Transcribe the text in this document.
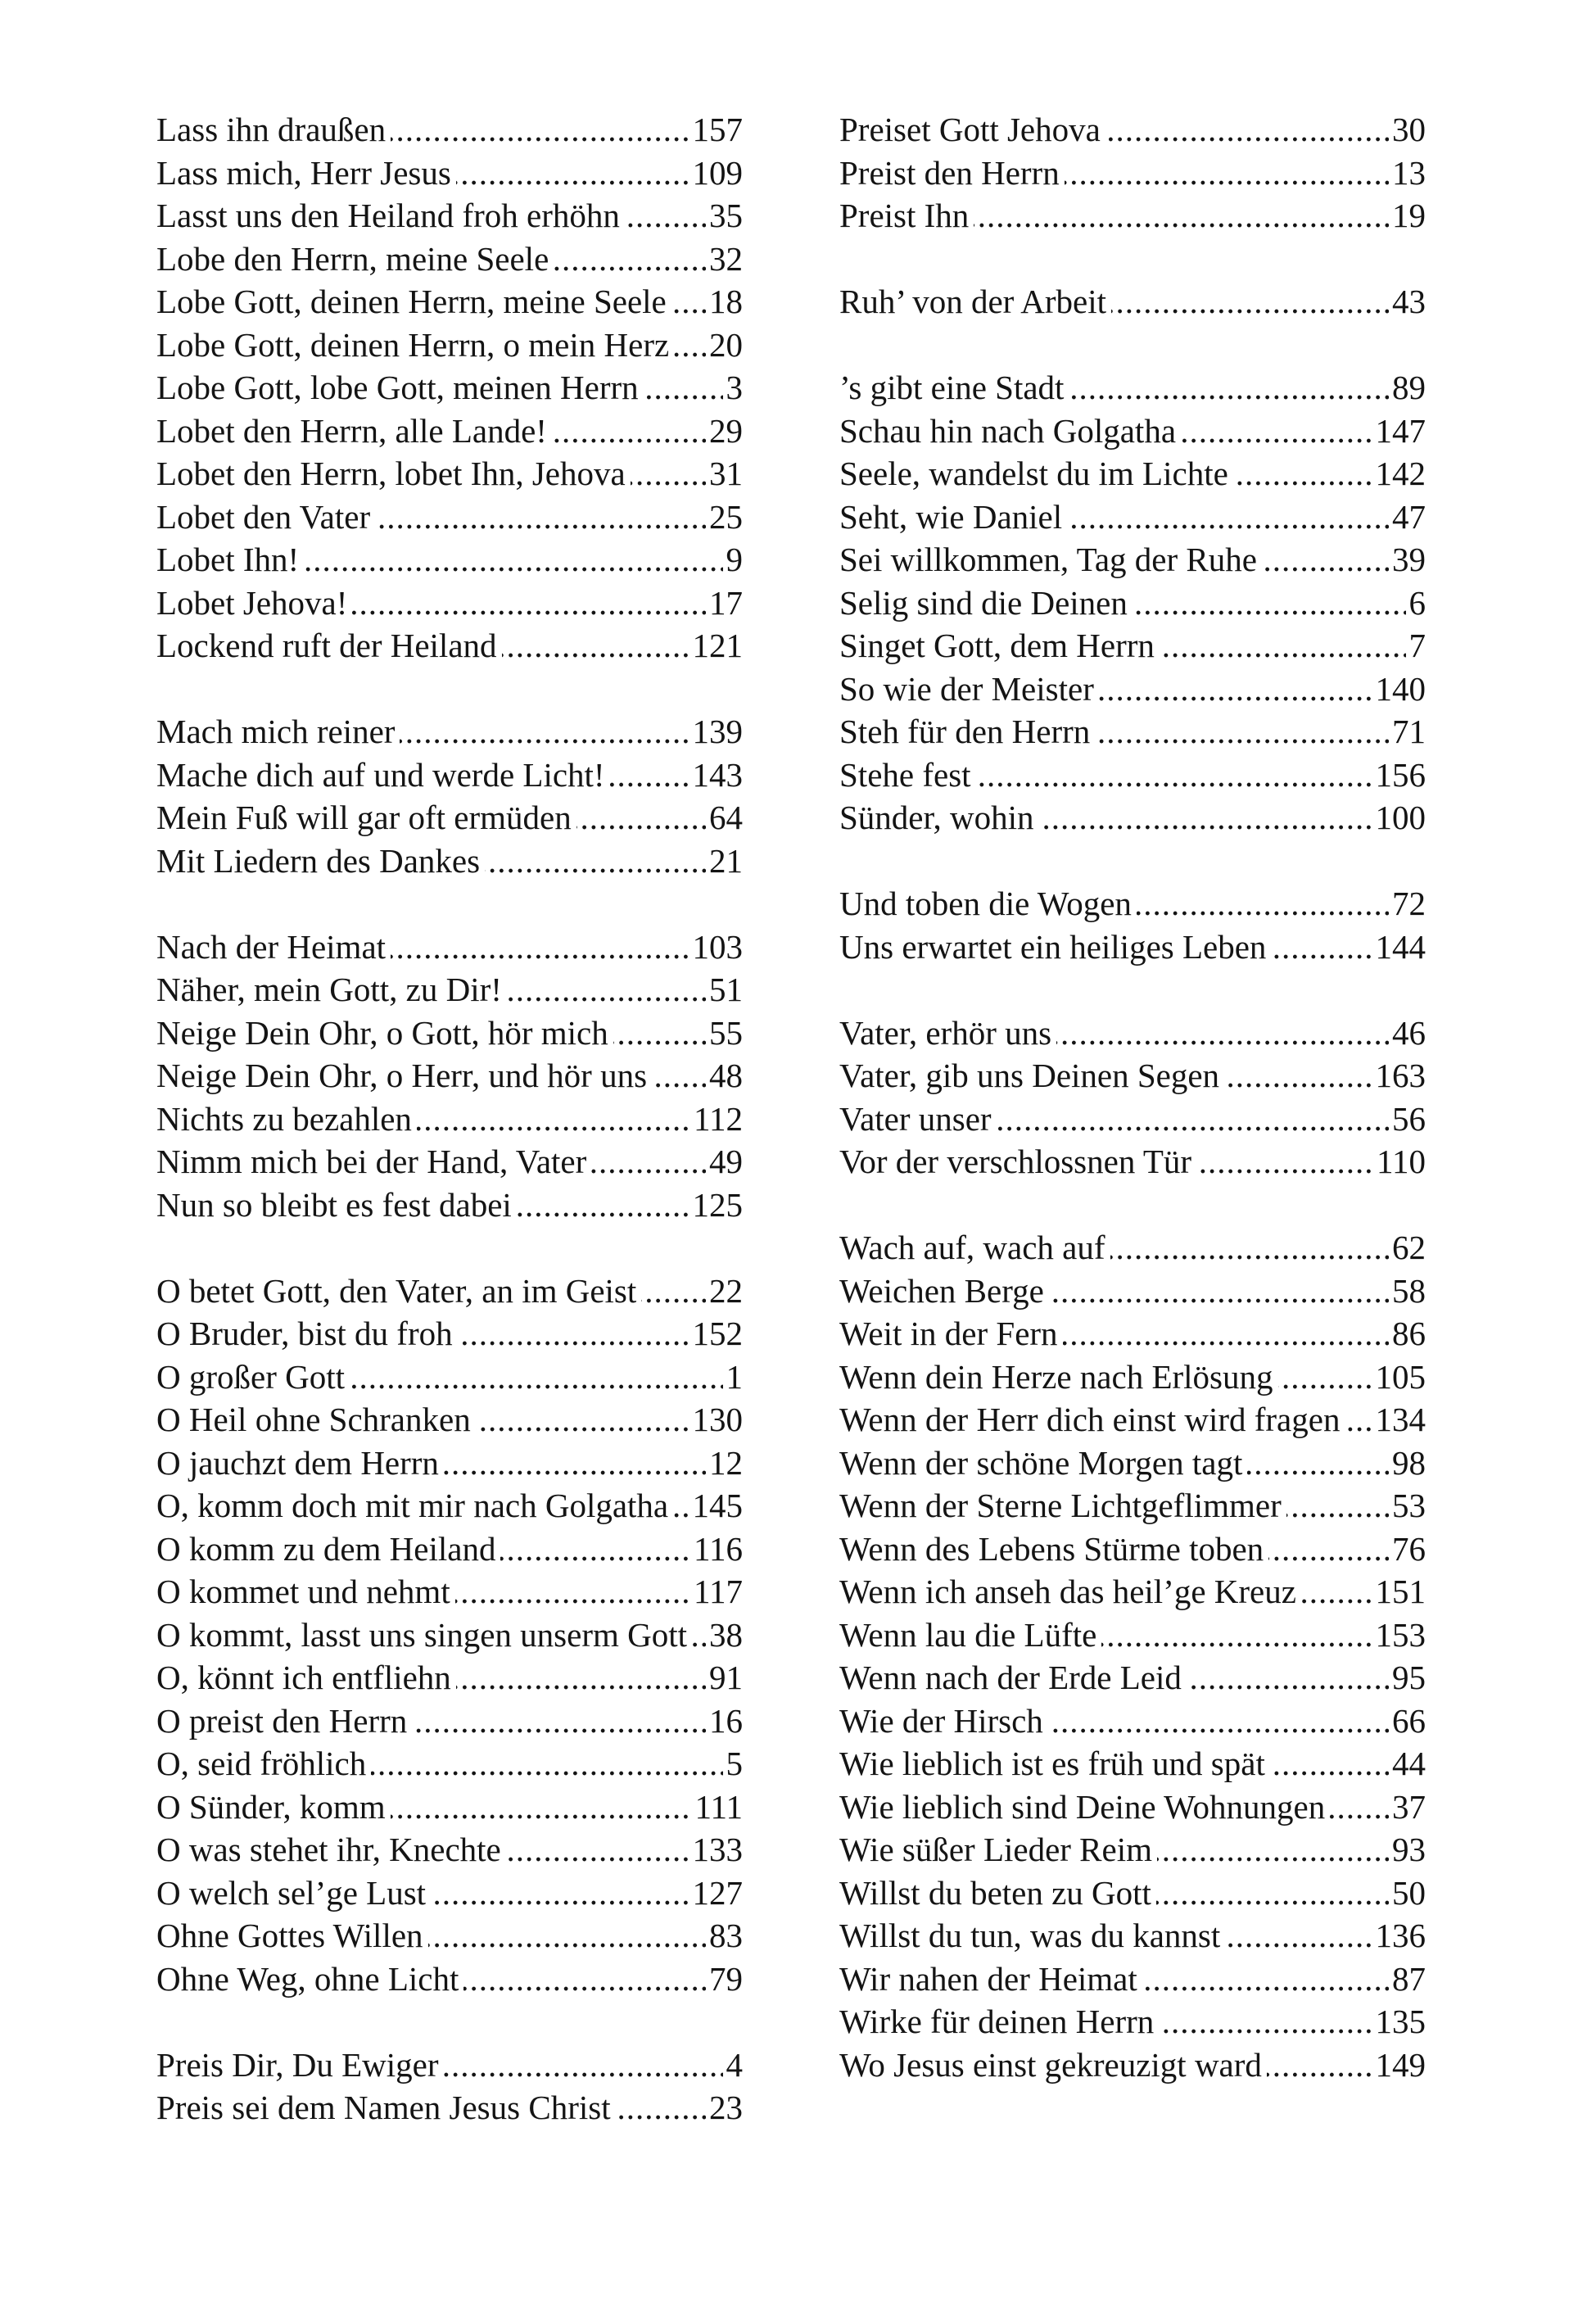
.....
Lass ihn draußen	157
.....
Lass mich, Herr Jesus	109
.....
Lasst uns den Heiland froh erhöhn	35
.....
Lobe den Herrn, meine Seele	32
.....
Lobe Gott, deinen Herrn, meine Seele 18
.....
Lobe Gott, deinen Herrn, o mein Herz 20
.....
Lobe Gott, lobe Gott, meinen Herrn	3
.....
Lobet den Herrn, alle Lande!	29
.....
Lobet den Herrn, lobet Ihn, Jehova 31
.....
Lobet den Vater	25
.....
Lobet Ihn!	9
.....
Lobet Jehova!	17
.....
Lockend ruft der Heiland	121
.....
Mach mich reiner	139
.....
Mache dich auf und werde Licht!	143
.....
Mein Fuß will gar oft ermüden	64
.....
Mit Liedern des Dankes	21
.....
Nach der Heimat	103
.....
Näher, mein Gott, zu Dir!	51
.....
Neige Dein Ohr, o Gott, hör mich	55
.....
Neige Dein Ohr, o Herr, und hör uns 48
.....
Nichts zu bezahlen	112
.....
Nimm mich bei der Hand, Vater	49
.....
Nun so bleibt es fest dabei	125
.....
O betet Gott, den Vater, an im Geist 22
.....
O Bruder, bist du froh	152
.....
O großer Gott	1
.....
O Heil ohne Schranken	130
.....
O jauchzt dem Herrn	12
.....
O, komm doch mit mir nach Golgatha 145
.....
O komm zu dem Heiland	116
.....
O kommet und nehmt	117
.....
O kommt, lasst uns singen unserm Gott 38
.....
O, könnt ich entfliehn	91
.....
O preist den Herrn	16
.....
O, seid fröhlich	5
.....
O Sünder, komm	111
.....
O was stehet ihr, Knechte	133
.....
O welch sel’ge Lust	127
.....
Ohne Gottes Willen	83
.....
Ohne Weg, ohne Licht	79
.....
Preis Dir, Du Ewiger	4
.....
Preis sei dem Namen Jesus Christ	23
.....
Preiset Gott Jehova	30
.....
Preist den Herrn	13
.....
Preist Ihn	19
.....
Ruh’ von der Arbeit	43
.....
’s gibt eine Stadt	89
.....
Schau hin nach Golgatha	147
.....
Seele, wandelst du im Lichte	142
.....
Seht, wie Daniel	47
.....
Sei willkommen, Tag der Ruhe	39
.....
Selig sind die Deinen	6
.....
Singet Gott, dem Herrn	7
.....
So wie der Meister	140
.....
Steh für den Herrn	71
.....
Stehe fest	156
.....
Sünder, wohin	100
.....
Und toben die Wogen	72
.....
Uns erwartet ein heiliges Leben	144
.....
Vater, erhör uns	46
.....
Vater, gib uns Deinen Segen	163
.....
Vater unser	56
.....
Vor der verschlossnen Tür	110
.....
Wach auf, wach auf	62
.....
Weichen Berge	58
.....
Weit in der Fern	86
.....
Wenn dein Herze nach Erlösung	105
.....
Wenn der Herr dich einst wird fragen 134
.....
Wenn der schöne Morgen tagt	98
.....
Wenn der Sterne Lichtgeflimmer	53
.....
Wenn des Lebens Stürme toben	76
.....
Wenn ich anseh das heil’ge Kreuz 151
.....
Wenn lau die Lüfte	153
.....
Wenn nach der Erde Leid	95
.....
Wie der Hirsch	66
.....
Wie lieblich ist es früh und spät	44
.....
Wie lieblich sind Deine Wohnungen 37
.....
Wie süßer Lieder Reim	93
.....
Willst du beten zu Gott	50
.....
Willst du tun, was du kannst	136
.....
Wir nahen der Heimat	87
.....
Wirke für deinen Herrn	135
.....
Wo Jesus einst gekreuzigt ward	149
